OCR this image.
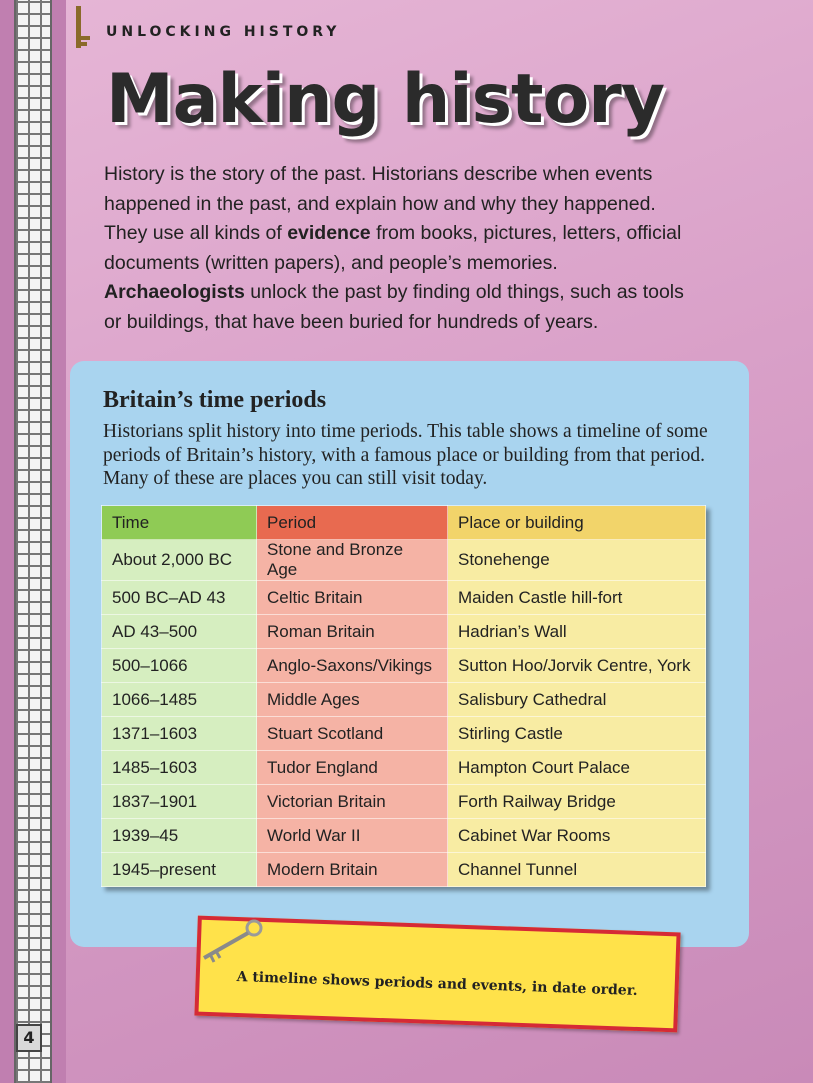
4
UNLOCKING HISTORY
Making history
History is the story of the past. Historians describe when events happened in the past, and explain how and why they happened. They use all kinds of evidence from books, pictures, letters, official documents (written papers), and people’s memories. Archaeologists unlock the past by finding old things, such as tools or buildings, that have been buried for hundreds of years.
Britain’s time periods
Historians split history into time periods. This table shows a timeline of some periods of Britain’s history, with a famous place or building from that period. Many of these are places you can still visit today.
Time	Period	Place or building
About 2,000 BC	Stone and Bronze Age	Stonehenge
500 BC–AD 43	Celtic Britain	Maiden Castle hill-fort
AD 43–500	Roman Britain	Hadrian’s Wall
500–1066	Anglo-Saxons/Vikings	Sutton Hoo/Jorvik Centre, York
1066–1485	Middle Ages	Salisbury Cathedral
1371–1603	Stuart Scotland	Stirling Castle
1485–1603	Tudor England	Hampton Court Palace
1837–1901	Victorian Britain	Forth Railway Bridge
1939–45	World War II	Cabinet War Rooms
1945–present	Modern Britain	Channel Tunnel
A timeline shows periods and events, in date order.
